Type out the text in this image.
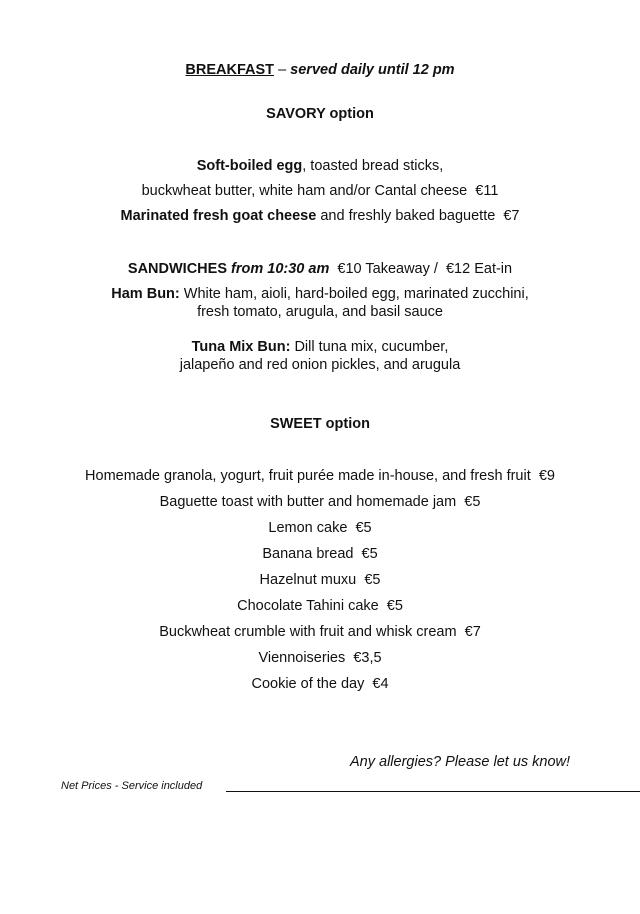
BREAKFAST – served daily until 12 pm
SAVORY option
Soft-boiled egg, toasted bread sticks,
buckwheat butter, white ham and/or Cantal cheese €11
Marinated fresh goat cheese and freshly baked baguette €7
SANDWICHES from 10:30 am €10 Takeaway / €12 Eat-in
Ham Bun: White ham, aioli, hard-boiled egg, marinated zucchini,
fresh tomato, arugula, and basil sauce
Tuna Mix Bun: Dill tuna mix, cucumber,
jalapeño and red onion pickles, and arugula
SWEET option
Homemade granola, yogurt, fruit purée made in-house, and fresh fruit €9
Baguette toast with butter and homemade jam €5
Lemon cake €5
Banana bread €5
Hazelnut muxu €5
Chocolate Tahini cake €5
Buckwheat crumble with fruit and whisk cream €7
Viennoiseries €3,5
Cookie of the day €4
Any allergies? Please let us know!
Net Prices - Service included
